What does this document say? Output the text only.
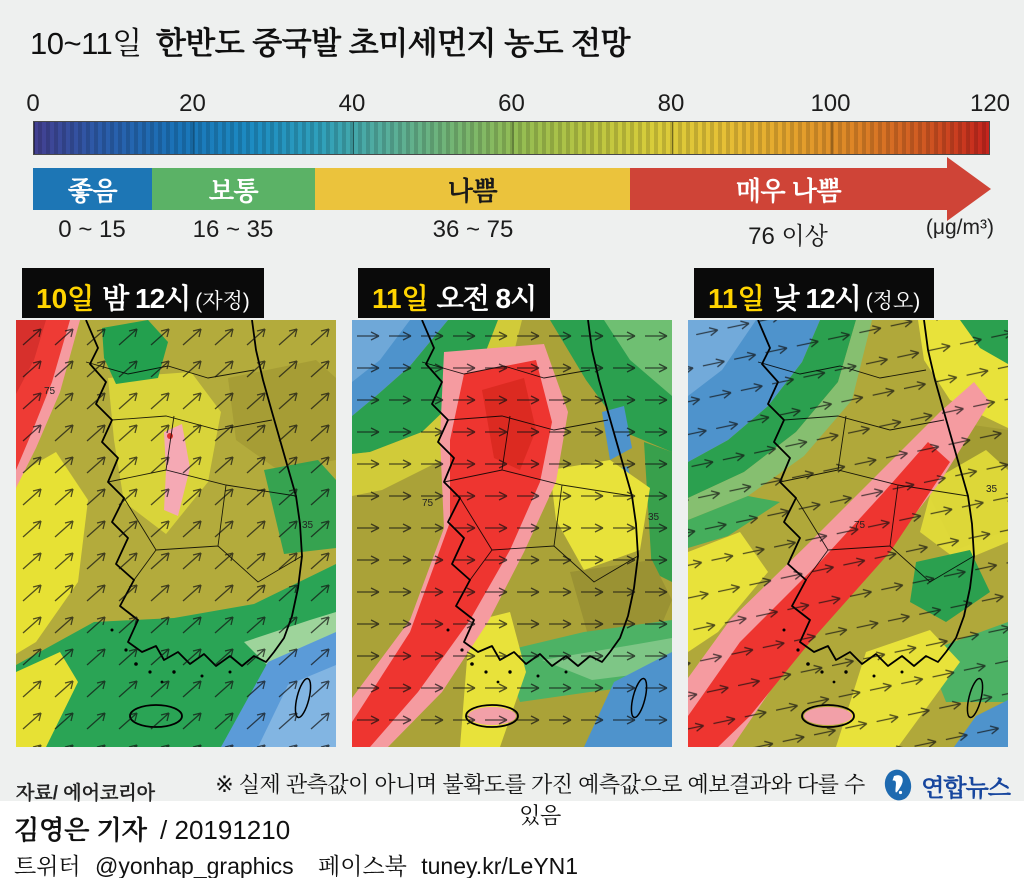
10~11일 한반도 중국발 초미세먼지 농도 전망
0	20	40	60	80	100	120
좋음	보통	나쁨	매우 나쁨
0 ~ 15	16 ~ 35	36 ~ 75	76 이상	(μg/m³)
10일 밤 12시 (자정)	11일 오전 8시	11일 낮 12시 (정오)
자료/ 에어코리아	※ 실제 관측값이 아니며 불확도를 가진 예측값으로 예보결과와 다를 수 있음
연합뉴스
김영은 기자 / 20191210
트위터 @yonhap_graphics 페이스북 tuney.kr/LeYN1
